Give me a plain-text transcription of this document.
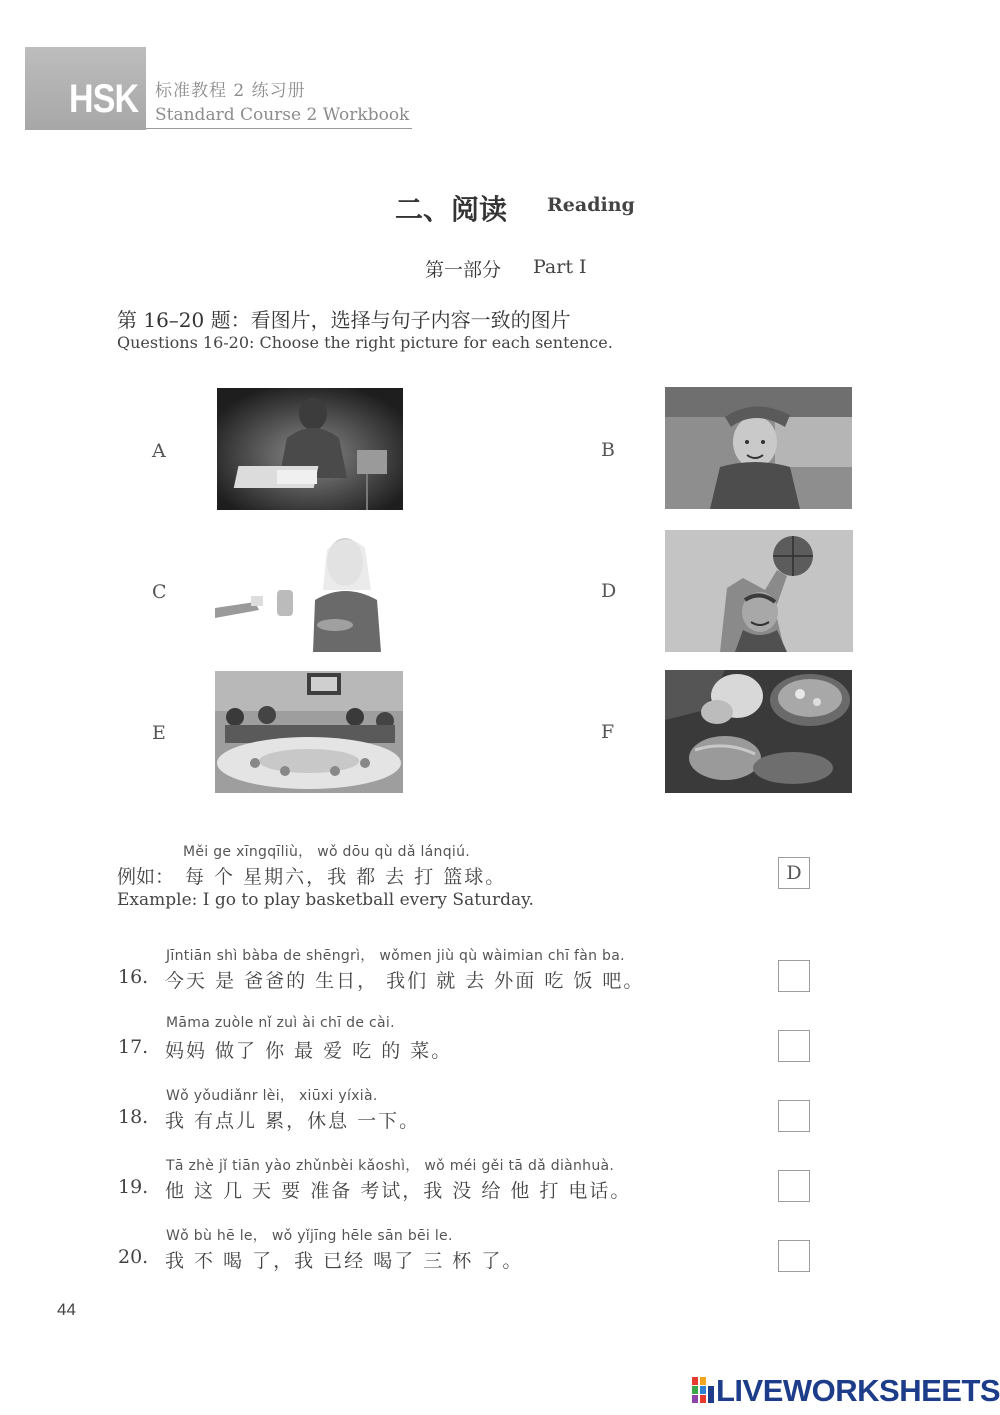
HSK 标准教程 2 练习册
Standard Course 2 Workbook
二、阅读 Reading
第一部分 Part Ⅰ
第 16–20 题：看图片，选择与句子内容一致的图片
Questions 16-20: Choose the right picture for each sentence.
A	B
C	D
E	F
Měi ge xīngqīliù， wǒ dōu qù dǎ lánqiú.
例如： 每 个 星期六，我 都 去 打 篮球。
Example: I go to play basketball every Saturday.
D
Jīntiān shì bàba de shēngrì， wǒmen jiù qù wàimian chī fàn ba.
16. 今天 是 爸爸的 生日， 我们 就 去 外面 吃 饭 吧。
Māma zuòle nǐ zuì ài chī de cài.
17. 妈妈 做了 你 最 爱 吃 的 菜。
Wǒ yǒudiǎnr lèi， xiūxi yíxià.
18. 我 有点儿 累，休息 一下。
Tā zhè jǐ tiān yào zhǔnbèi kǎoshì， wǒ méi gěi tā dǎ diànhuà.
19. 他 这 几 天 要 准备 考试，我 没 给 他 打 电话。
Wǒ bù hē le， wǒ yǐjīng hēle sān bēi le.
20. 我 不 喝 了，我 已经 喝了 三 杯 了。
44
LIVEWORKSHEETS
